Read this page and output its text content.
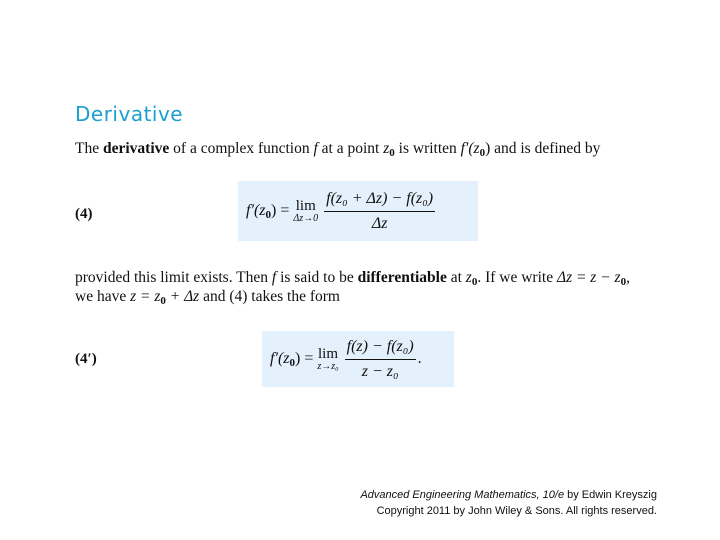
Derivative
The derivative of a complex function f at a point z0 is written f′(z0) and is defined by
(4)	f′(z0) = lim
$\Delta z\to 0 \frac{\text{f(z₀ + Δz) − f(z₀)}}{\Delta z}$
provided this limit exists. Then f is said to be differentiable at z0. If we write Δz = z − z0,
we have z = z0 + Δz and (4) takes the form
(4′)	f′(z0) = lim
$z\to z_0 \frac{\text{f(z) − f(z₀)}}{\text{z − z₀}}$ .
Advanced Engineering Mathematics, 10/e by Edwin Kreyszig
Copyright 2011 by John Wiley & Sons. All rights reserved.
